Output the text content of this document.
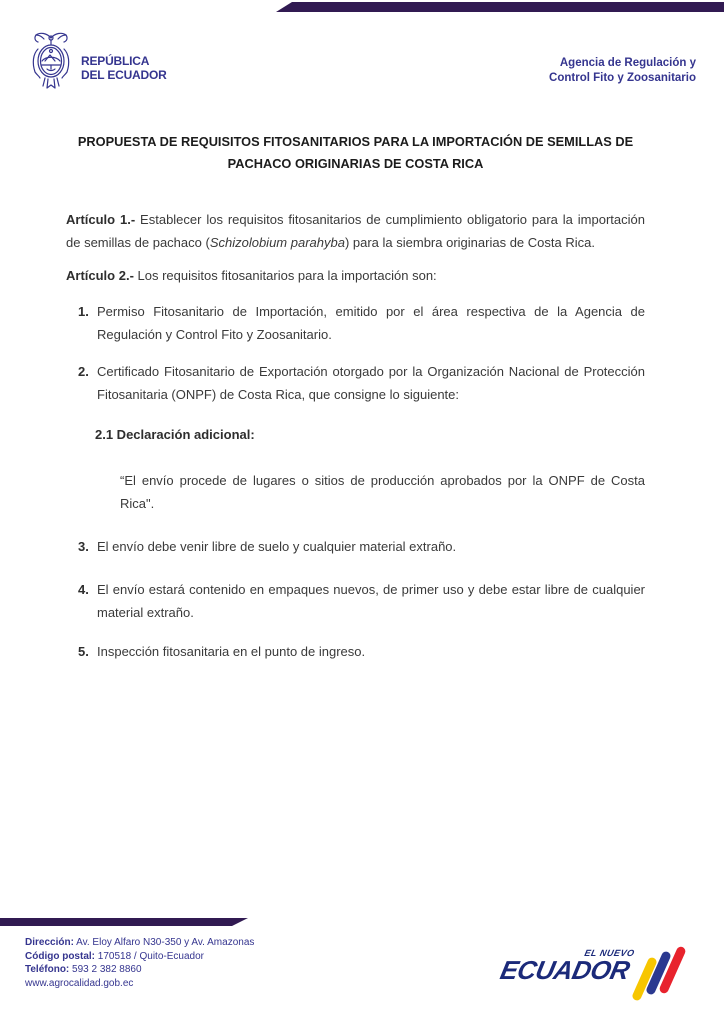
REPÚBLICA
DEL ECUADOR
Agencia de Regulación y
Control Fito y Zoosanitario
PROPUESTA DE REQUISITOS FITOSANITARIOS PARA LA IMPORTACIÓN DE SEMILLAS DE
PACHACO ORIGINARIAS DE COSTA RICA

Artículo 1.- Establecer los requisitos fitosanitarios de cumplimiento obligatorio para la importación de semillas de pachaco (Schizolobium parahyba) para la siembra originarias de Costa Rica.

Artículo 2.- Los requisitos fitosanitarios para la importación son:

1. Permiso Fitosanitario de Importación, emitido por el área respectiva de la Agencia de Regulación y Control Fito y Zoosanitario.
2. Certificado Fitosanitario de Exportación otorgado por la Organización Nacional de Protección Fitosanitaria (ONPF) de Costa Rica, que consigne lo siguiente:
2.1 Declaración adicional:
“El envío procede de lugares o sitios de producción aprobados por la ONPF de Costa Rica".
3. El envío debe venir libre de suelo y cualquier material extraño.
4. El envío estará contenido en empaques nuevos, de primer uso y debe estar libre de cualquier material extraño.
5. Inspección fitosanitaria en el punto de ingreso.
Dirección: Av. Eloy Alfaro N30-350 y Av. Amazonas
Código postal: 170518 / Quito-Ecuador
Teléfono: 593 2 382 8860
www.agrocalidad.gob.ec
EL NUEVO
ECUADOR
